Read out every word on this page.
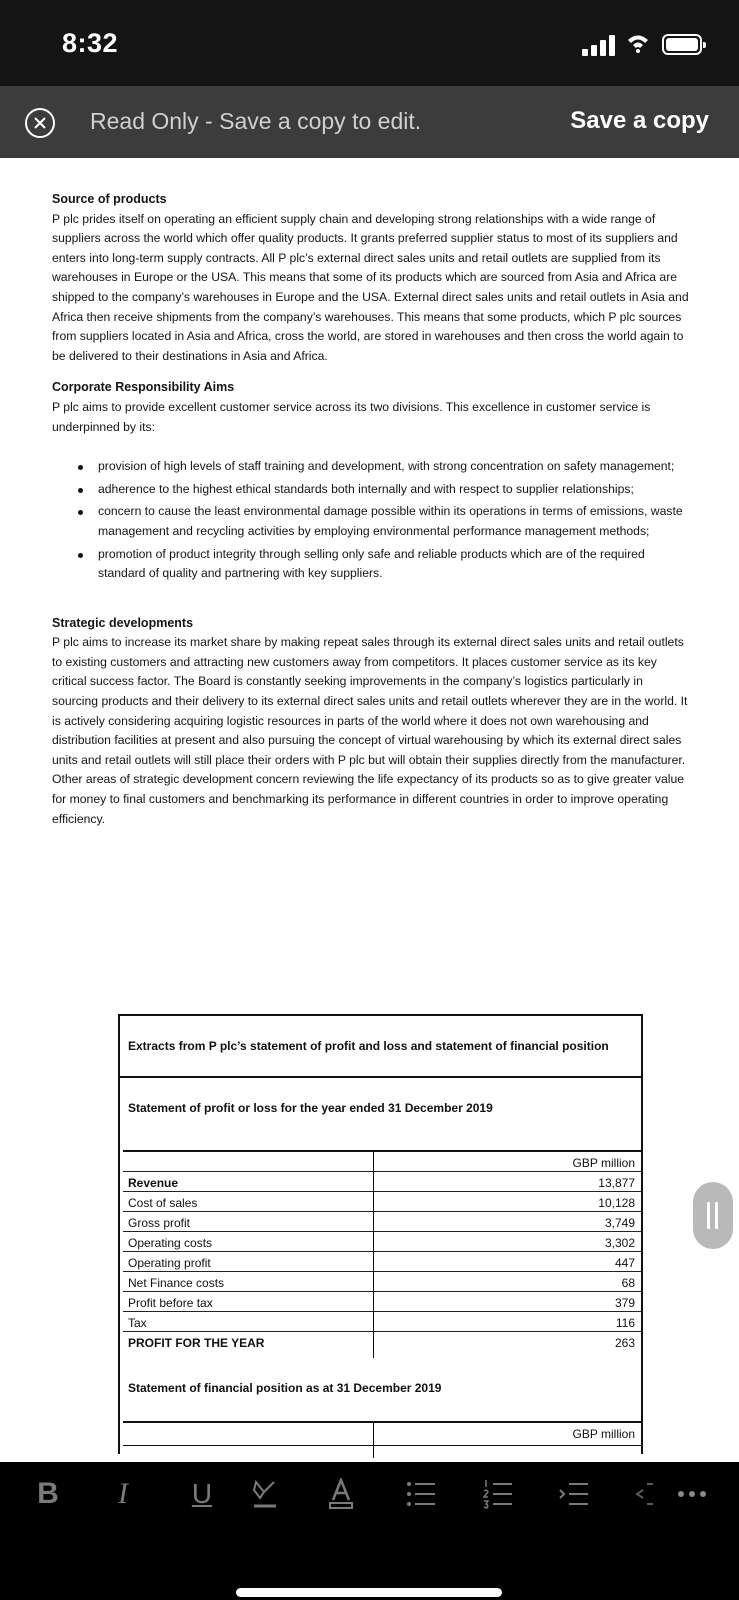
8:32
Read Only - Save a copy to edit.	Save a copy
Source of products
P plc prides itself on operating an efficient supply chain and developing strong relationships with a wide range of suppliers across the world which offer quality products. It grants preferred supplier status to most of its suppliers and enters into long-term supply contracts. All P plc’s external direct sales units and retail outlets are supplied from its warehouses in Europe or the USA. This means that some of its products which are sourced from Asia and Africa are shipped to the company’s warehouses in Europe and the USA. External direct sales units and retail outlets in Asia and Africa then receive shipments from the company’s warehouses. This means that some products, which P plc sources from suppliers located in Asia and Africa, cross the world, are stored in warehouses and then cross the world again to be delivered to their destinations in Asia and Africa.
Corporate Responsibility Aims
P plc aims to provide excellent customer service across its two divisions. This excellence in customer service is underpinned by its:
provision of high levels of staff training and development, with strong concentration on safety management;
adherence to the highest ethical standards both internally and with respect to supplier relationships;
concern to cause the least environmental damage possible within its operations in terms of emissions, waste management and recycling activities by employing environmental performance management methods;
promotion of product integrity through selling only safe and reliable products which are of the required standard of quality and partnering with key suppliers.
Strategic developments
P plc aims to increase its market share by making repeat sales through its external direct sales units and retail outlets to existing customers and attracting new customers away from competitors. It places customer service as its key critical success factor. The Board is constantly seeking improvements in the company’s logistics particularly in sourcing products and their delivery to its external direct sales units and retail outlets wherever they are in the world. It is actively considering acquiring logistic resources in parts of the world where it does not own warehousing and distribution facilities at present and also pursuing the concept of virtual warehousing by which its external direct sales units and retail outlets will still place their orders with P plc but will obtain their supplies directly from the manufacturer. Other areas of strategic development concern reviewing the life expectancy of its products so as to give greater value for money to final customers and benchmarking its performance in different countries in order to improve operating efficiency.
Extracts from P plc’s statement of profit and loss and statement of financial position
Statement of profit or loss for the year ended 31 December 2019
GBP million
Revenue	13,877
Cost of sales	10,128
Gross profit	3,749
Operating costs	3,302
Operating profit	447
Net Finance costs	68
Profit before tax	379
Tax	116
PROFIT FOR THE YEAR	263
Statement of financial position as at 31 December 2019
GBP million
B	I	U
